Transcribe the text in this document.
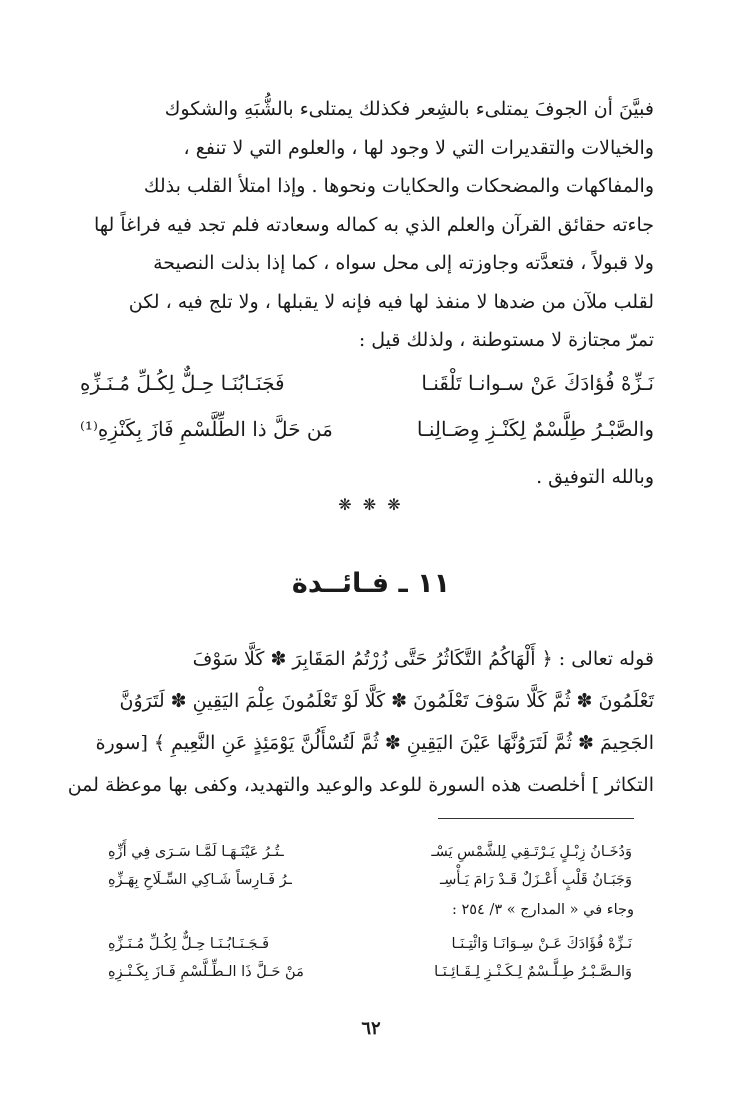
فبيَّنَ أن الجوفَ يمتلىء بالشِعر فكذلك يمتلىء بالشُّبَهِ والشكوك
والخيالات والتقديرات التي لا وجود لها ، والعلوم التي لا تنفع ،
والمفاكهات والمضحكات والحكايات ونحوها . وإذا امتلأ القلب بذلك
جاءته حقائق القرآن والعلم الذي به كماله وسعادته فلم تجد فيه فراغاً لها
ولا قبولاً ، فتعدَّته وجاوزته إلى محل سواه ، كما إذا بذلت النصيحة
لقلب ملآن من ضدها لا منفذ لها فيه فإنه لا يقبلها ، ولا تلج فيه ، لكن
تمرّ مجتازة لا مستوطنة ، ولذلك قيل :
نَـزِّهْ فُؤادَكَ عَنْ سـوانـا تَلْقَنـا
فَجَنَـابُنَـا حِـلٌّ لِكُـلِّ مُـنَـزِّهِ
والصَّبْـرُ طِلَّسْمٌ لِكَنْـزِ وِصَـالِنـا
مَن حَلَّ ذا الطِّلَّسْمِ فَازَ بِكَنْزِهِ⁽¹⁾
وبالله التوفيق .
❋ ❋ ❋
١١ ـ فـائــدة
قوله تعالى : ﴿ أَلْهَاكُمُ التَّكَاثُرُ حَتَّى زُرْتُمُ المَقَابِرَ ✽ كَلَّا سَوْفَ
تَعْلَمُونَ ✽ ثُمَّ كَلَّا سَوْفَ تَعْلَمُونَ ✽ كَلَّا لَوْ تَعْلَمُونَ عِلْمَ اليَقِينِ ✽ لَتَرَوُنَّ
الجَحِيمَ ✽ ثُمَّ لَتَرَوُنَّهَا عَيْنَ اليَقِينِ ✽ ثُمَّ لَتُسْأَلُنَّ يَوْمَئِذٍ عَنِ النَّعِيمِ ﴾ [سورة
التكاثر ] أخلصت هذه السورة للوعد والوعيد والتهديد، وكفى بها موعظة لمن
وَدُخَـانُ زِبْـلٍ يَـرْتَـقِي لِلشَّمْسِ يَسْـ
ـتُـرُ عَيْنَـهَـا لَمَّـا سَـرَى فِي أَزِّهِ
وَجَبَـانُ قَلْبٍ أَعْـزَلٌ قَـدْ رَامَ يَـأْسِـ
ـرُ فَـارِساً شَـاكِي السِّـلَاحِ بِهَـزِّهِ
وجاء في « المدارج » ٣/ ٢٥٤ :
نَـزِّهْ فُؤَادَكَ عَـنْ سِـوَانَـا وَائْتِـنَـا
فَـجَـنَـابُـنَـا حِـلٌّ لِكُـلِّ مُـنَـزِّهِ
وَالـصَّـبْـرُ طِـلَّـسْمٌ لِـكَـنْـزِ لِـقَـائِـنَـا
مَنْ حَـلَّ ذَا الـطِّـلَّسْمِ فَـازَ بِكَـنْـزِهِ
٦٢
